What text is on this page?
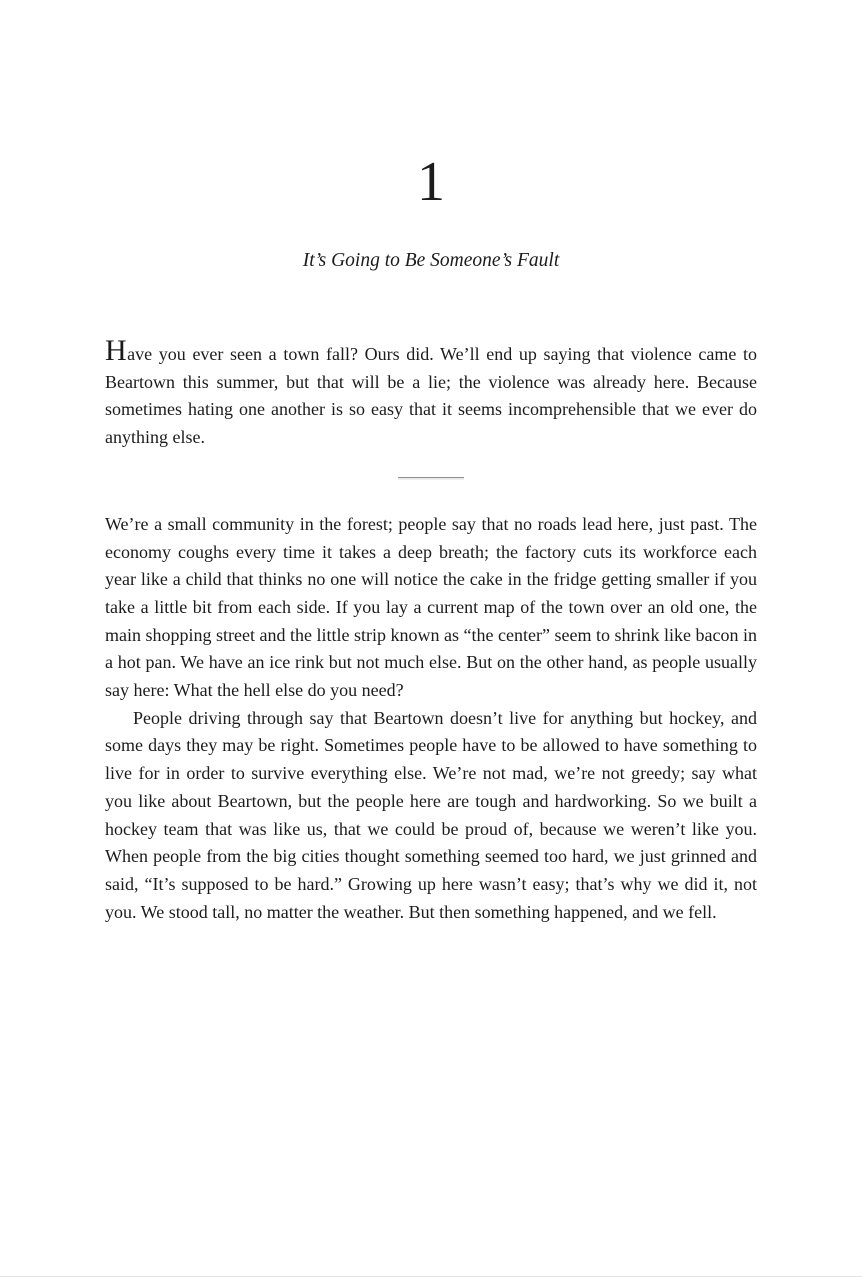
1
It’s Going to Be Someone’s Fault

Have you ever seen a town fall? Ours did. We’ll end up saying that violence came to Beartown this summer, but that will be a lie; the violence was already here. Because sometimes hating one another is so easy that it seems incomprehensible that we ever do anything else.

We’re a small community in the forest; people say that no roads lead here, just past. The economy coughs every time it takes a deep breath; the factory cuts its workforce each year like a child that thinks no one will notice the cake in the fridge getting smaller if you take a little bit from each side. If you lay a current map of the town over an old one, the main shopping street and the little strip known as “the center” seem to shrink like bacon in a hot pan. We have an ice rink but not much else. But on the other hand, as people usually say here: What the hell else do you need?

People driving through say that Beartown doesn’t live for anything but hockey, and some days they may be right. Sometimes people have to be allowed to have something to live for in order to survive everything else. We’re not mad, we’re not greedy; say what you like about Beartown, but the people here are tough and hardworking. So we built a hockey team that was like us, that we could be proud of, because we weren’t like you. When people from the big cities thought something seemed too hard, we just grinned and said, “It’s supposed to be hard.” Growing up here wasn’t easy; that’s why we did it, not you. We stood tall, no matter the weather. But then something happened, and we fell.
